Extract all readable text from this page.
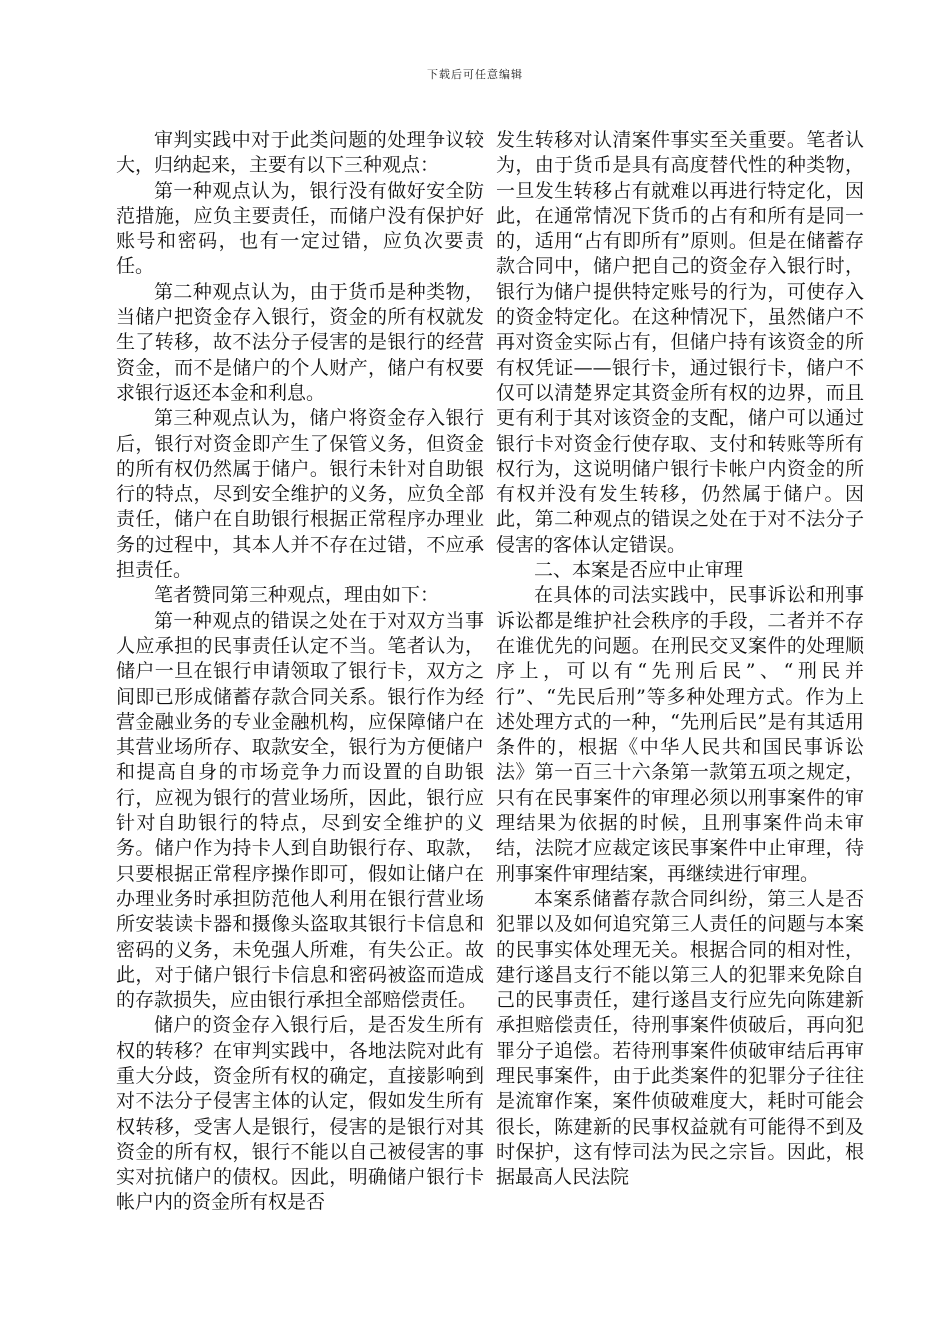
下载后可任意编辑

审判实践中对于此类问题的处理争议较大，归纳起来，主要有以下三种观点：

第一种观点认为，银行没有做好安全防范措施，应负主要责任，而储户没有保护好账号和密码，也有一定过错，应负次要责任。

第二种观点认为，由于货币是种类物，当储户把资金存入银行，资金的所有权就发生了转移，故不法分子侵害的是银行的经营资金，而不是储户的个人财产，储户有权要求银行返还本金和利息。

第三种观点认为，储户将资金存入银行后，银行对资金即产生了保管义务，但资金的所有权仍然属于储户。银行未针对自助银行的特点，尽到安全维护的义务，应负全部责任，储户在自助银行根据正常程序办理业务的过程中，其本人并不存在过错，不应承担责任。

笔者赞同第三种观点，理由如下：

第一种观点的错误之处在于对双方当事人应承担的民事责任认定不当。笔者认为，储户一旦在银行申请领取了银行卡，双方之间即已形成储蓄存款合同关系。银行作为经营金融业务的专业金融机构，应保障储户在其营业场所存、取款安全，银行为方便储户和提高自身的市场竞争力而设置的自助银行，应视为银行的营业场所，因此，银行应针对自助银行的特点，尽到安全维护的义务。储户作为持卡人到自助银行存、取款，只要根据正常程序操作即可，假如让储户在办理业务时承担防范他人利用在银行营业场所安装读卡器和摄像头盗取其银行卡信息和密码的义务，未免强人所难，有失公正。故此，对于储户银行卡信息和密码被盗而造成的存款损失，应由银行承担全部赔偿责任。

储户的资金存入银行后，是否发生所有权的转移？在审判实践中，各地法院对此有重大分歧，资金所有权的确定，直接影响到对不法分子侵害主体的认定，假如发生所有权转移，受害人是银行，侵害的是银行对其资金的所有权，银行不能以自己被侵害的事实对抗储户的债权。因此，明确储户银行卡帐户内的资金所有权是否

发生转移对认清案件事实至关重要。笔者认为，由于货币是具有高度替代性的种类物，一旦发生转移占有就难以再进行特定化，因此，在通常情况下货币的占有和所有是同一的，适用“占有即所有”原则。但是在储蓄存款合同中，储户把自己的资金存入银行时，银行为储户提供特定账号的行为，可使存入的资金特定化。在这种情况下，虽然储户不再对资金实际占有，但储户持有该资金的所有权凭证——银行卡，通过银行卡，储户不仅可以清楚界定其资金所有权的边界，而且更有利于其对该资金的支配，储户可以通过银行卡对资金行使存取、支付和转账等所有权行为，这说明储户银行卡帐户内资金的所有权并没有发生转移，仍然属于储户。因此，第二种观点的错误之处在于对不法分子侵害的客体认定错误。

二、本案是否应中止审理

在具体的司法实践中，民事诉讼和刑事诉讼都是维护社会秩序的手段，二者并不存在谁优先的问题。在刑民交叉案件的处理顺序上，可以有“先刑后民”、“刑民并行”、“先民后刑”等多种处理方式。作为上述处理方式的一种，“先刑后民”是有其适用条件的，根据《中华人民共和国民事诉讼法》第一百三十六条第一款第五项之规定，只有在民事案件的审理必须以刑事案件的审理结果为依据的时候，且刑事案件尚未审结，法院才应裁定该民事案件中止审理，待刑事案件审理结案，再继续进行审理。

本案系储蓄存款合同纠纷，第三人是否犯罪以及如何追究第三人责任的问题与本案的民事实体处理无关。根据合同的相对性，建行遂昌支行不能以第三人的犯罪来免除自己的民事责任，建行遂昌支行应先向陈建新承担赔偿责任，待刑事案件侦破后，再向犯罪分子追偿。若待刑事案件侦破审结后再审理民事案件，由于此类案件的犯罪分子往往是流窜作案，案件侦破难度大，耗时可能会很长，陈建新的民事权益就有可能得不到及时保护，这有悖司法为民之宗旨。因此，根据最高人民法院
